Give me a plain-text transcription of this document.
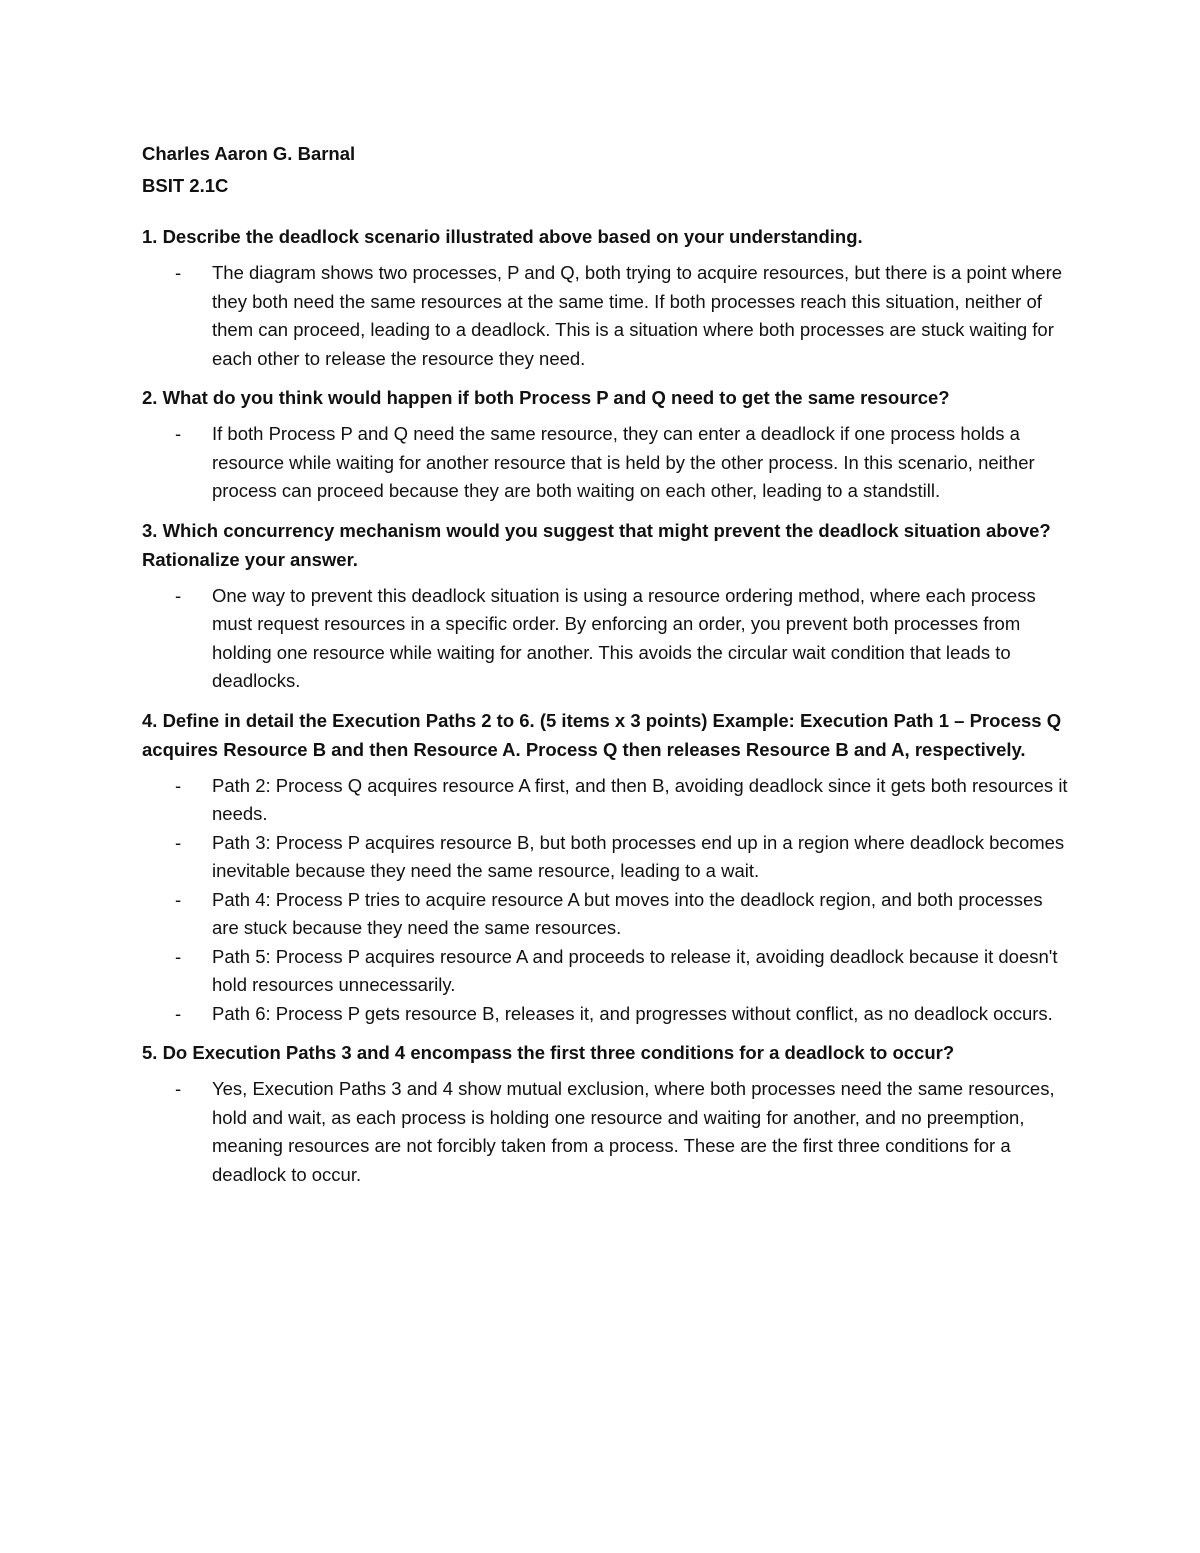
Charles Aaron G. Barnal

BSIT 2.1C

1. Describe the deadlock scenario illustrated above based on your understanding.

- The diagram shows two processes, P and Q, both trying to acquire resources, but there is a point where they both need the same resources at the same time. If both processes reach this situation, neither of them can proceed, leading to a deadlock. This is a situation where both processes are stuck waiting for each other to release the resource they need.

2. What do you think would happen if both Process P and Q need to get the same resource?

- If both Process P and Q need the same resource, they can enter a deadlock if one process holds a resource while waiting for another resource that is held by the other process. In this scenario, neither process can proceed because they are both waiting on each other, leading to a standstill.

3. Which concurrency mechanism would you suggest that might prevent the deadlock situation above? Rationalize your answer.

- One way to prevent this deadlock situation is using a resource ordering method, where each process must request resources in a specific order. By enforcing an order, you prevent both processes from holding one resource while waiting for another. This avoids the circular wait condition that leads to deadlocks.

4. Define in detail the Execution Paths 2 to 6. (5 items x 3 points) Example: Execution Path 1 – Process Q acquires Resource B and then Resource A. Process Q then releases Resource B and A, respectively.

- Path 2: Process Q acquires resource A first, and then B, avoiding deadlock since it gets both resources it needs.
- Path 3: Process P acquires resource B, but both processes end up in a region where deadlock becomes inevitable because they need the same resource, leading to a wait.
- Path 4: Process P tries to acquire resource A but moves into the deadlock region, and both processes are stuck because they need the same resources.
- Path 5: Process P acquires resource A and proceeds to release it, avoiding deadlock because it doesn't hold resources unnecessarily.
- Path 6: Process P gets resource B, releases it, and progresses without conflict, as no deadlock occurs.

5. Do Execution Paths 3 and 4 encompass the first three conditions for a deadlock to occur?

- Yes, Execution Paths 3 and 4 show mutual exclusion, where both processes need the same resources, hold and wait, as each process is holding one resource and waiting for another, and no preemption, meaning resources are not forcibly taken from a process. These are the first three conditions for a deadlock to occur.
